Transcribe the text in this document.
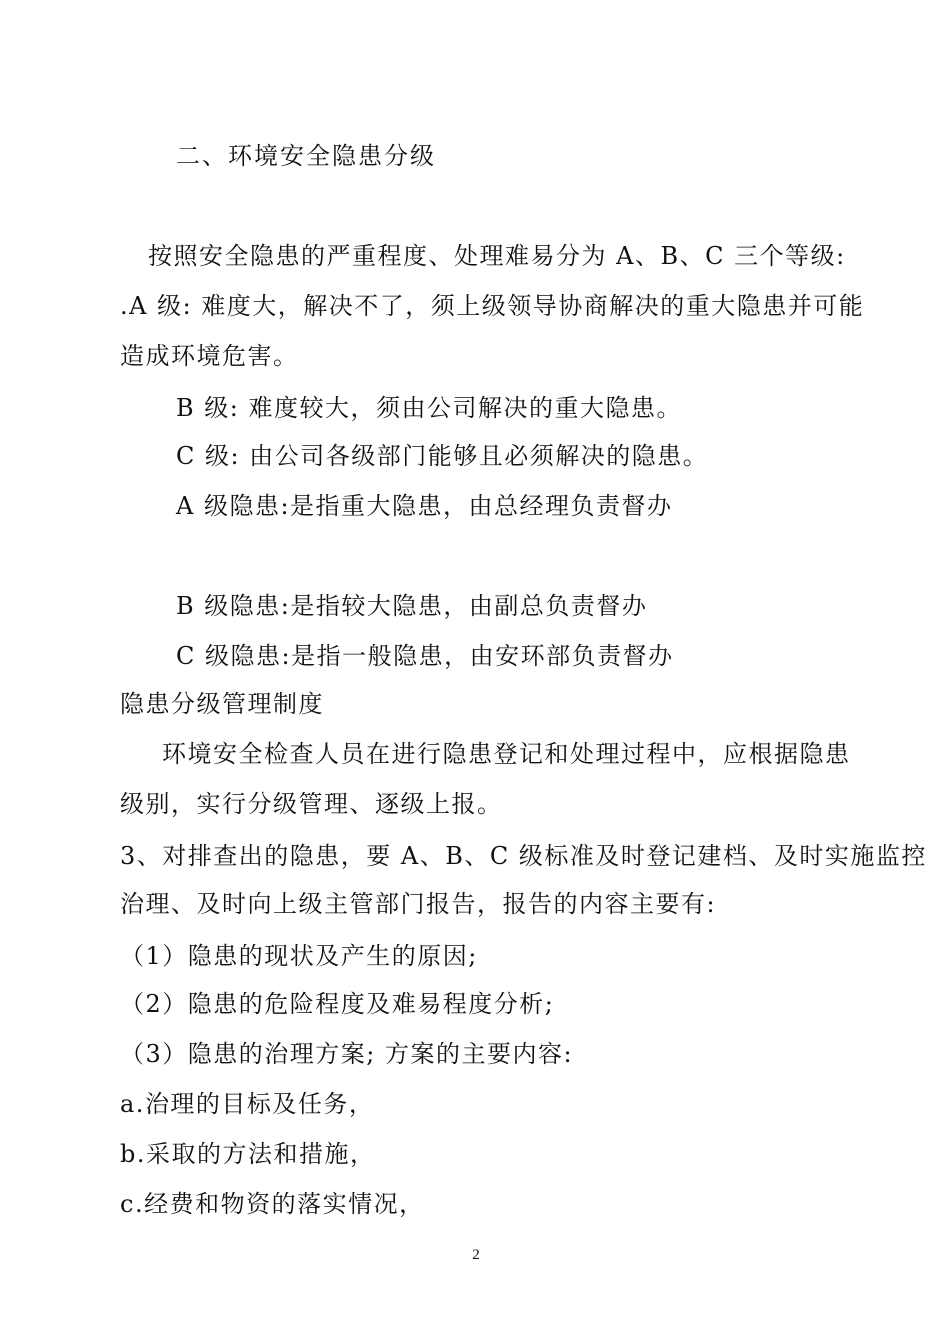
二、环境安全隐患分级
按照安全隐患的严重程度、处理难易分为 A、B、C 三个等级:
.A 级: 难度大，解决不了，须上级领导协商解决的重大隐患并可能
造成环境危害。
B 级: 难度较大，须由公司解决的重大隐患。
C 级: 由公司各级部门能够且必须解决的隐患。
A 级隐患:是指重大隐患，由总经理负责督办
B 级隐患:是指较大隐患，由副总负责督办
C 级隐患:是指一般隐患，由安环部负责督办
隐患分级管理制度
环境安全检查人员在进行隐患登记和处理过程中，应根据隐患
级别，实行分级管理、逐级上报。
3、对排查出的隐患，要 A、B、C 级标准及时登记建档、及时实施监控
治理、及时向上级主管部门报告，报告的内容主要有:
（1）隐患的现状及产生的原因;
（2）隐患的危险程度及难易程度分析;
（3）隐患的治理方案; 方案的主要内容:
a.治理的目标及任务，
b.采取的方法和措施，
c.经费和物资的落实情况，
2
